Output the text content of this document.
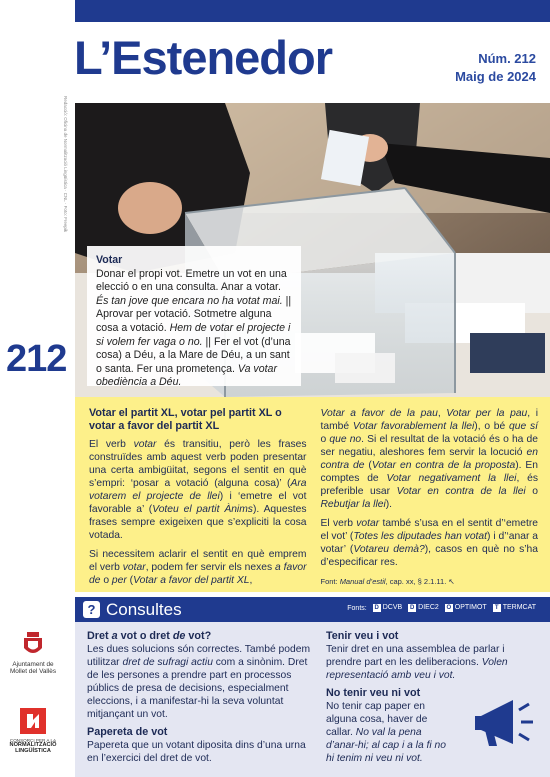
L’Estenedor	Núm. 212
Maig de 2024
Redacció: Oficina de Normalització Lingüística · CNL · Foto: Freepik
212
Votar
Donar el propi vot. Emetre un vot en una elecció o en una consulta. Anar a votar. És tan jove que encara no ha votat mai. || Aprovar per votació. Sotmetre alguna cosa a votació. Hem de votar el projecte i si volem fer vaga o no. || Fer el vot (d’una cosa) a Déu, a la Mare de Déu, a un sant o santa. Fer una prometença. Va votar obediència a Déu.
Votar el partit XL, votar pel partit XL o votar a favor del partit XL

El verb votar és transitiu, però les frases construïdes amb aquest verb poden presentar una certa ambigüitat, segons el sentit en què s’empri: ‘posar a votació (alguna cosa)’ (Ara votarem el projecte de llei) i ‘emetre el vot favorable a’ (Voteu el partit Ànims). Aquestes frases sempre exigeixen que s’expliciti la cosa votada.

Si necessitem aclarir el sentit en què emprem el verb votar, podem fer servir els nexes a favor de o per (Votar a favor del partit XL,

Votar a favor de la pau, Votar per la pau, i també Votar favorablement la llei), o bé que sí o que no. Si el resultat de la votació és o ha de ser negatiu, aleshores fem servir la locució en contra de (Votar en contra de la proposta). En comptes de Votar negativament la llei, és preferible usar Votar en contra de la llei o Rebutjar la llei).

El verb votar també s’usa en el sentit d’‘emetre el vot’ (Totes les diputades han votat) i d’‘anar a votar’ (Votareu demà?), casos en què no s’ha d’especificar res.

Font: Manual d’estil, cap. xx, § 2.1.11. ↖

? Consultes	Fonts:	D DCVB	D DIEC2 O OPTIMOT	T TERMCAT
Dret a vot o dret de vot?

Les dues solucions són correctes. També podem utilitzar dret de sufragi actiu com a sinònim. Dret de les persones a prendre part en processos públics de presa de decisions, especialment eleccions, i a manifestar-hi la seva voluntat mitjançant un vot.

Papereta de vot

Papereta que un votant diposita dins d’una urna en l’exercici del dret de vot.

Tenir veu i vot

Tenir dret en una assemblea de parlar i prendre part en les deliberacions. Volen representació amb veu i vot.

No tenir veu ni vot

No tenir cap paper en alguna cosa, haver de callar. No val la pena d’anar-hi; al cap i a la fi no hi tenim ni veu ni vot.

Ajuntament de
Mollet del Vallès
CONSORCI PER A LA
NORMALITZACIÓ
LINGÜÍSTICA
